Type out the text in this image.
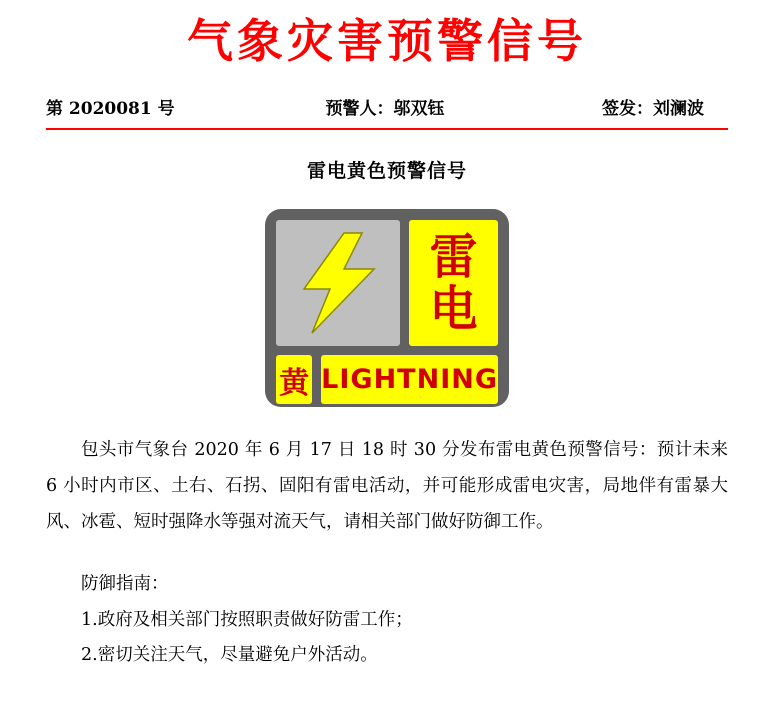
气象灾害预警信号
第 2020081 号	预警人：邬双钰	签发：刘澜波
雷电黄色预警信号
雷
电
黄 LIGHTNING

包头市气象台 2020 年 6 月 17 日 18 时 30 分发布雷电黄色预警信号：预计未来 6 小时内市区、土右、石拐、固阳有雷电活动，并可能形成雷电灾害，局地伴有雷暴大风、冰雹、短时强降水等强对流天气，请相关部门做好防御工作。

防御指南：
1.政府及相关部门按照职责做好防雷工作；
2.密切关注天气，尽量避免户外活动。
